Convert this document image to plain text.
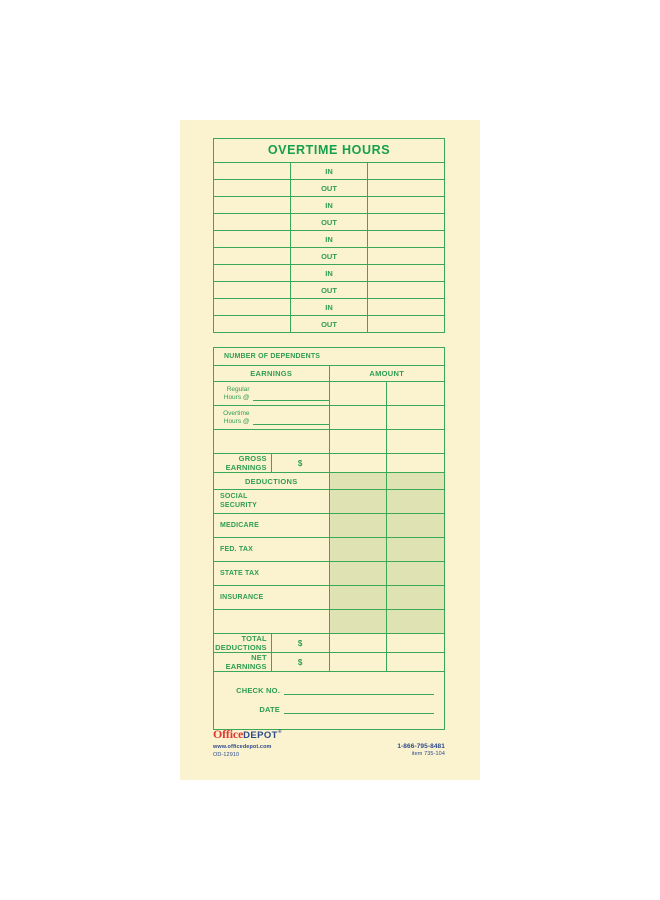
OVERTIME HOURS		
	IN	
	OUT	
	IN	
	OUT	
	IN	
	OUT	
	IN	
	OUT	
	IN	
	OUT	
NUMBER OF DEPENDENTS			
EARNINGS		AMOUNT	
Regular
Hours @			
Overtime
Hours @			

GROSS EARNINGS	$		
DEDUCTIONS			

SOCIAL
SECURITY			

MEDICARE			
FED. TAX			
STATE TAX			
INSURANCE			

TOTAL DEDUCTIONS	$		
NET EARNINGS	$		
CHECK NO.
DATE
OfficeDEPOT®
www.officedepot.com
OD-12910
1-866-795-8481
item 735-104
